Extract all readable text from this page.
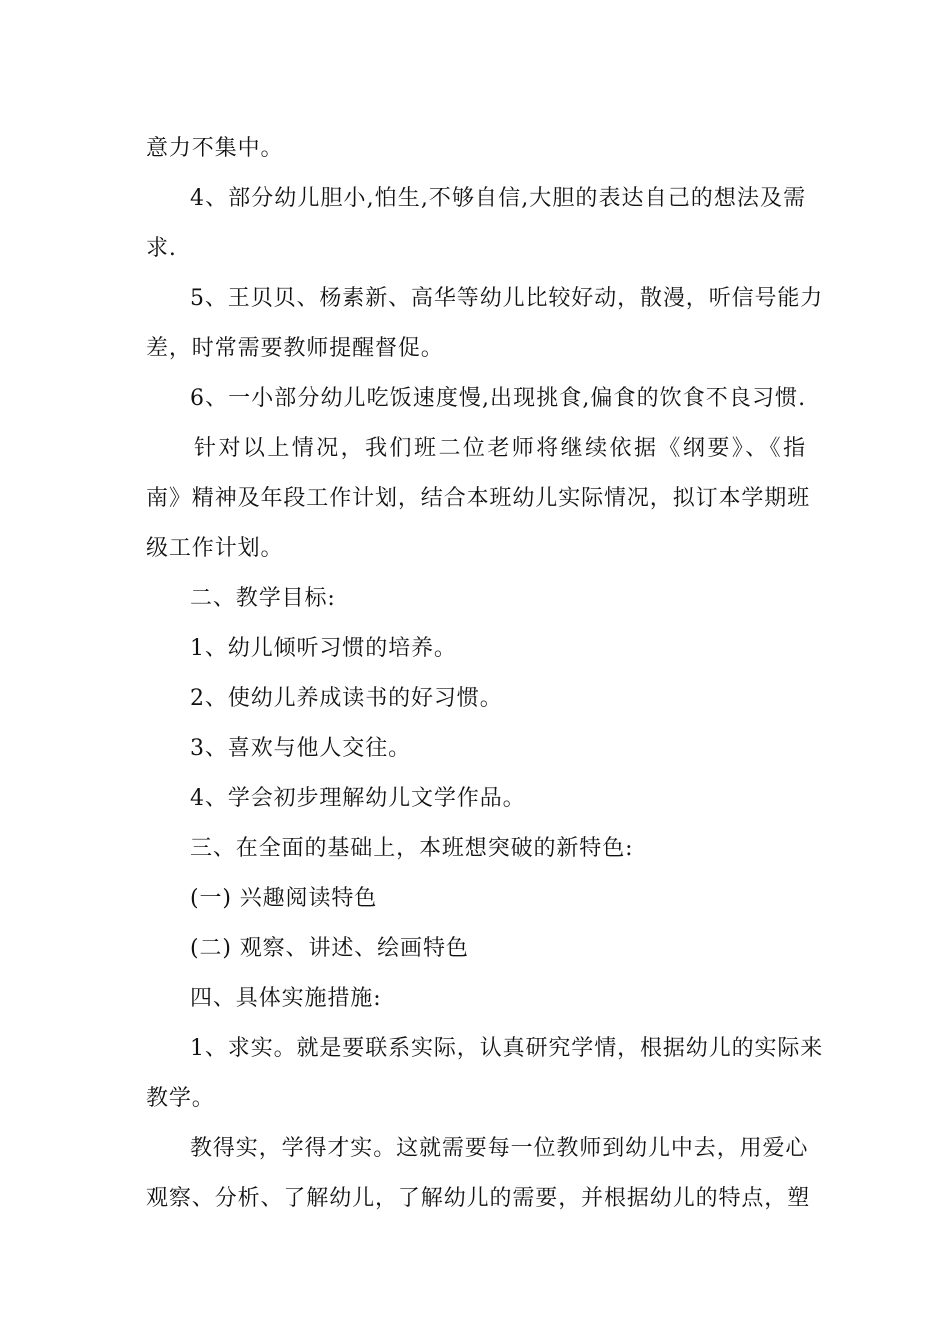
意力不集中。
4、部分幼儿胆小,怕生,不够自信,大胆的表达自己的想法及需
求.
5、王贝贝、杨素新、高华等幼儿比较好动，散漫，听信号能力
差，时常需要教师提醒督促。
6、一小部分幼儿吃饭速度慢,出现挑食,偏食的饮食不良习惯.
针对以上情况，我们班二位老师将继续依据《纲要》、《指
南》精神及年段工作计划，结合本班幼儿实际情况，拟订本学期班
级工作计划。
二、教学目标:
1、幼儿倾听习惯的培养。
2、使幼儿养成读书的好习惯。
3、喜欢与他人交往。
4、学会初步理解幼儿文学作品。
三、在全面的基础上，本班想突破的新特色:
(一) 兴趣阅读特色
(二) 观察、讲述、绘画特色
四、具体实施措施:
1、求实。就是要联系实际，认真研究学情，根据幼儿的实际来
教学。
教得实，学得才实。这就需要每一位教师到幼儿中去，用爱心
观察、分析、了解幼儿，了解幼儿的需要，并根据幼儿的特点，塑
